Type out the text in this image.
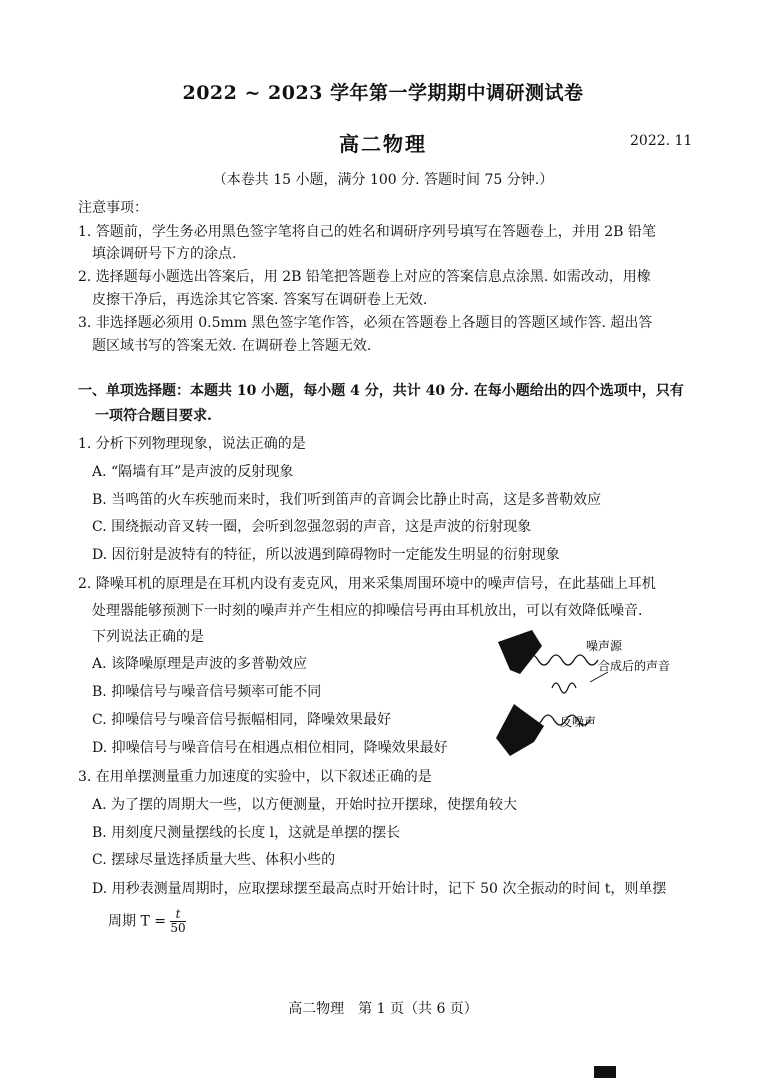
2022 ~ 2023 学年第一学期期中调研测试卷
高二物理	2022. 11
（本卷共 15 小题，满分 100 分. 答题时间 75 分钟.）
注意事项：
1. 答题前，学生务必用黑色签字笔将自己的姓名和调研序列号填写在答题卷上，并用 2B 铅笔
填涂调研号下方的涂点.
2. 选择题每小题选出答案后，用 2B 铅笔把答题卷上对应的答案信息点涂黑. 如需改动，用橡
皮擦干净后，再选涂其它答案. 答案写在调研卷上无效.
3. 非选择题必须用 0.5mm 黑色签字笔作答，必须在答题卷上各题目的答题区域作答. 超出答
题区域书写的答案无效. 在调研卷上答题无效.
一、单项选择题：本题共 10 小题，每小题 4 分，共计 40 分. 在每小题给出的四个选项中，只有
一项符合题目要求.
1. 分析下列物理现象，说法正确的是
A. “隔墙有耳”是声波的反射现象
B. 当鸣笛的火车疾驰而来时，我们听到笛声的音调会比静止时高，这是多普勒效应
C. 围绕振动音叉转一圈，会听到忽强忽弱的声音，这是声波的衍射现象
D. 因衍射是波特有的特征，所以波遇到障碍物时一定能发生明显的衍射现象
2. 降噪耳机的原理是在耳机内设有麦克风，用来采集周围环境中的噪声信号，在此基础上耳机
处理器能够预测下一时刻的噪声并产生相应的抑噪信号再由耳机放出，可以有效降低噪音.
下列说法正确的是
A. 该降噪原理是声波的多普勒效应
B. 抑噪信号与噪音信号频率可能不同
C. 抑噪信号与噪音信号振幅相同，降噪效果最好
D. 抑噪信号与噪音信号在相遇点相位相同，降噪效果最好
噪声源
合成后的声音
反噪声
3. 在用单摆测量重力加速度的实验中，以下叙述正确的是
A. 为了摆的周期大一些，以方便测量，开始时拉开摆球，使摆角较大
B. 用刻度尺测量摆线的长度 l，这就是单摆的摆长
C. 摆球尽量选择质量大些、体积小些的
D. 用秒表测量周期时，应取摆球摆至最高点时开始计时，记下 50 次全振动的时间 t，则单摆
周期 $T = \frac{t}{50}$
高二物理　第 1 页（共 6 页）
